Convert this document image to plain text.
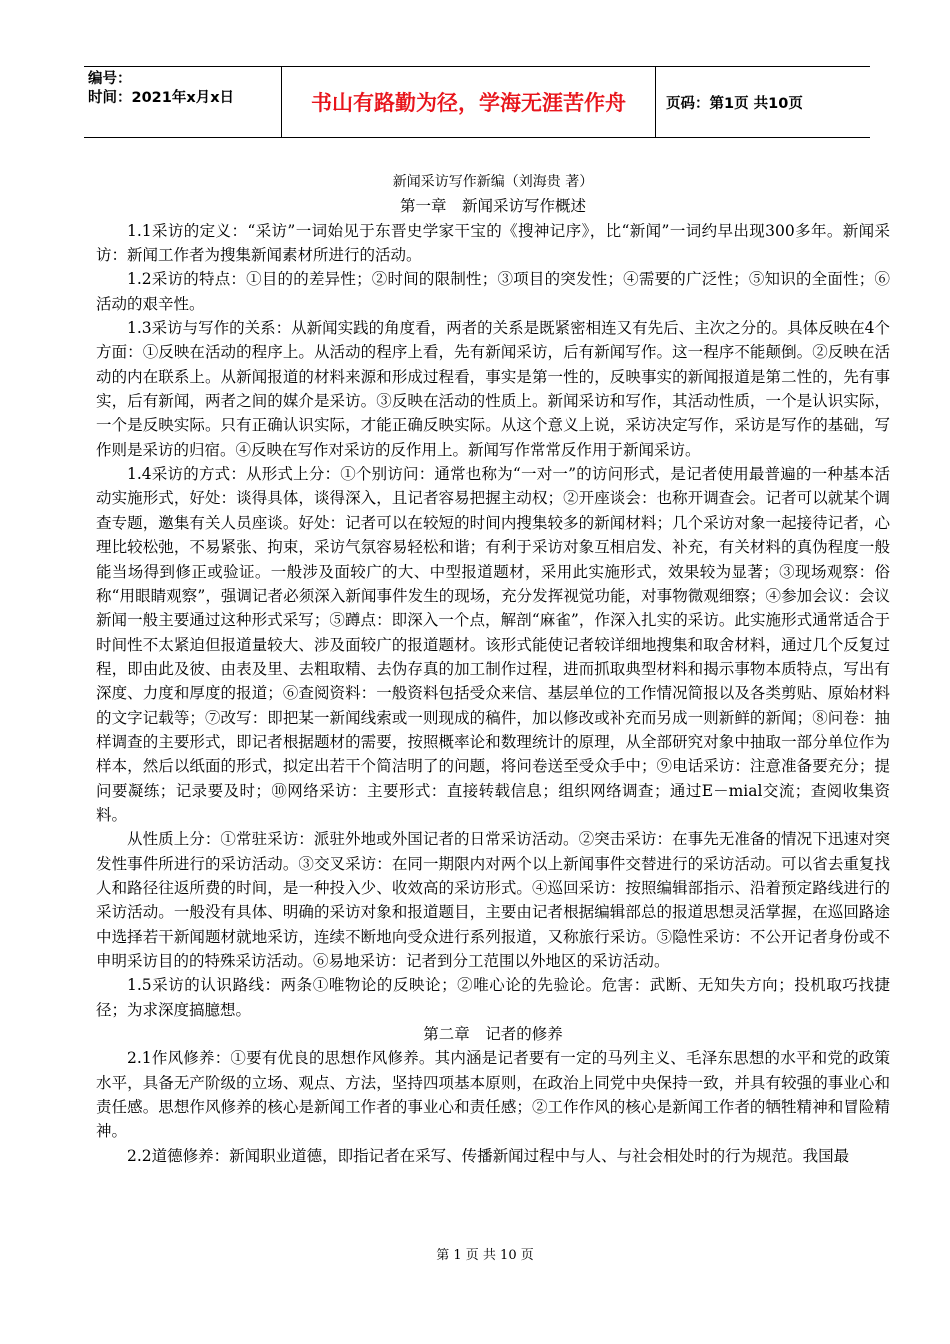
编号：
时间：2021年x月x日	书山有路勤为径，学海无涯苦作舟	页码：第1页 共10页

新闻采访写作新编（刘海贵 著）

第一章　新闻采访写作概述

1.1采访的定义：“采访”一词始见于东晋史学家干宝的《搜神记序》，比“新闻”一词约早出现300多年。新闻采访：新闻工作者为搜集新闻素材所进行的活动。

1.2采访的特点：①目的的差异性；②时间的限制性；③项目的突发性；④需要的广泛性；⑤知识的全面性；⑥活动的艰辛性。

1.3采访与写作的关系：从新闻实践的角度看，两者的关系是既紧密相连又有先后、主次之分的。具体反映在4个方面：①反映在活动的程序上。从活动的程序上看，先有新闻采访，后有新闻写作。这一程序不能颠倒。②反映在活动的内在联系上。从新闻报道的材料来源和形成过程看，事实是第一性的，反映事实的新闻报道是第二性的，先有事实，后有新闻，两者之间的媒介是采访。③反映在活动的性质上。新闻采访和写作，其活动性质，一个是认识实际，一个是反映实际。只有正确认识实际，才能正确反映实际。从这个意义上说，采访决定写作，采访是写作的基础，写作则是采访的归宿。④反映在写作对采访的反作用上。新闻写作常常反作用于新闻采访。

1.4采访的方式：从形式上分：①个别访问：通常也称为“一对一”的访问形式，是记者使用最普遍的一种基本活动实施形式，好处：谈得具体，谈得深入，且记者容易把握主动权；②开座谈会：也称开调查会。记者可以就某个调查专题，邀集有关人员座谈。好处：记者可以在较短的时间内搜集较多的新闻材料；几个采访对象一起接待记者，心理比较松弛，不易紧张、拘束，采访气氛容易轻松和谐；有利于采访对象互相启发、补充，有关材料的真伪程度一般能当场得到修正或验证。一般涉及面较广的大、中型报道题材，采用此实施形式，效果较为显著；③现场观察：俗称“用眼睛观察”，强调记者必须深入新闻事件发生的现场，充分发挥视觉功能，对事物微观细察；④参加会议：会议新闻一般主要通过这种形式采写；⑤蹲点：即深入一个点，解剖“麻雀”，作深入扎实的采访。此实施形式通常适合于时间性不太紧迫但报道量较大、涉及面较广的报道题材。该形式能使记者较详细地搜集和取舍材料，通过几个反复过程，即由此及彼、由表及里、去粗取精、去伪存真的加工制作过程，进而抓取典型材料和揭示事物本质特点，写出有深度、力度和厚度的报道；⑥查阅资料：一般资料包括受众来信、基层单位的工作情况简报以及各类剪贴、原始材料的文字记载等；⑦改写：即把某一新闻线索或一则现成的稿件，加以修改或补充而另成一则新鲜的新闻；⑧问卷：抽样调查的主要形式，即记者根据题材的需要，按照概率论和数理统计的原理，从全部研究对象中抽取一部分单位作为样本，然后以纸面的形式，拟定出若干个简洁明了的问题，将问卷送至受众手中；⑨电话采访：注意准备要充分；提问要凝练；记录要及时；⑩网络采访：主要形式：直接转载信息；组织网络调查；通过E－mial交流；查阅收集资料。

从性质上分：①常驻采访：派驻外地或外国记者的日常采访活动。②突击采访：在事先无准备的情况下迅速对突发性事件所进行的采访活动。③交叉采访：在同一期限内对两个以上新闻事件交替进行的采访活动。可以省去重复找人和路径往返所费的时间，是一种投入少、收效高的采访形式。④巡回采访：按照编辑部指示、沿着预定路线进行的采访活动。一般没有具体、明确的采访对象和报道题目，主要由记者根据编辑部总的报道思想灵活掌握，在巡回路途中选择若干新闻题材就地采访，连续不断地向受众进行系列报道，又称旅行采访。⑤隐性采访：不公开记者身份或不申明采访目的的特殊采访活动。⑥易地采访：记者到分工范围以外地区的采访活动。

1.5采访的认识路线：两条①唯物论的反映论；②唯心论的先验论。危害：武断、无知失方向；投机取巧找捷径；为求深度搞臆想。

第二章　记者的修养

2.1作风修养：①要有优良的思想作风修养。其内涵是记者要有一定的马列主义、毛泽东思想的水平和党的政策水平，具备无产阶级的立场、观点、方法，坚持四项基本原则，在政治上同党中央保持一致，并具有较强的事业心和责任感。思想作风修养的核心是新闻工作者的事业心和责任感；②工作作风的核心是新闻工作者的牺牲精神和冒险精神。

2.2道德修养：新闻职业道德，即指记者在采写、传播新闻过程中与人、与社会相处时的行为规范。我国最

第 1 页 共 10 页
